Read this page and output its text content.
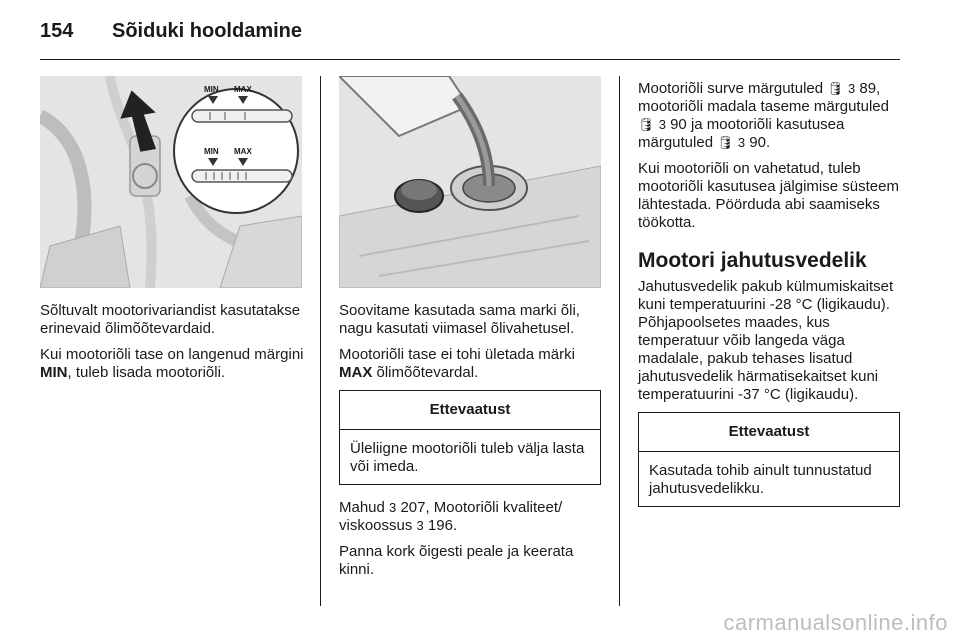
154 Sõiduki hooldamine
MIN MAX
MIN MAX

Sõltuvalt mootorivariandist kasutatakse erinevaid õlimõõtevardaid.

Kui mootoriõli tase on langenud märgini MIN, tuleb lisada mootoriõli.

Soovitame kasutada sama marki õli, nagu kasutati viimasel õlivahetusel.

Mootoriõli tase ei tohi ületada märki MAX õlimõõtevardal.

Ettevaatust
Üleliigne mootoriõli tuleb välja lasta või imeda.

Mahud 3 207, Mootoriõli kvaliteet/ viskoossus 3 196.

Panna kork õigesti peale ja keerata kinni.

Mootoriõli surve märgutuled 🛢 3 89, mootoriõli madala taseme märgutuled 🛢 3 90 ja mootoriõli kasutusea märgutuled 🛢 3 90.

Kui mootoriõli on vahetatud, tuleb mootoriõli kasutusea jälgimise süsteem lähtestada. Pöörduda abi saamiseks töökotta.

Mootori jahutusvedelik

Jahutusvedelik pakub külmumiskaitset kuni temperatuurini -28 °C (ligikaudu). Põhjapoolsetes maades, kus temperatuur võib langeda väga madalale, pakub tehases lisatud jahutusvedelik härmatisekaitset kuni temperatuurini -37 °C (ligikaudu).

Ettevaatust
Kasutada tohib ainult tunnustatud jahutusvedelikku.
carmanualsonline.info
